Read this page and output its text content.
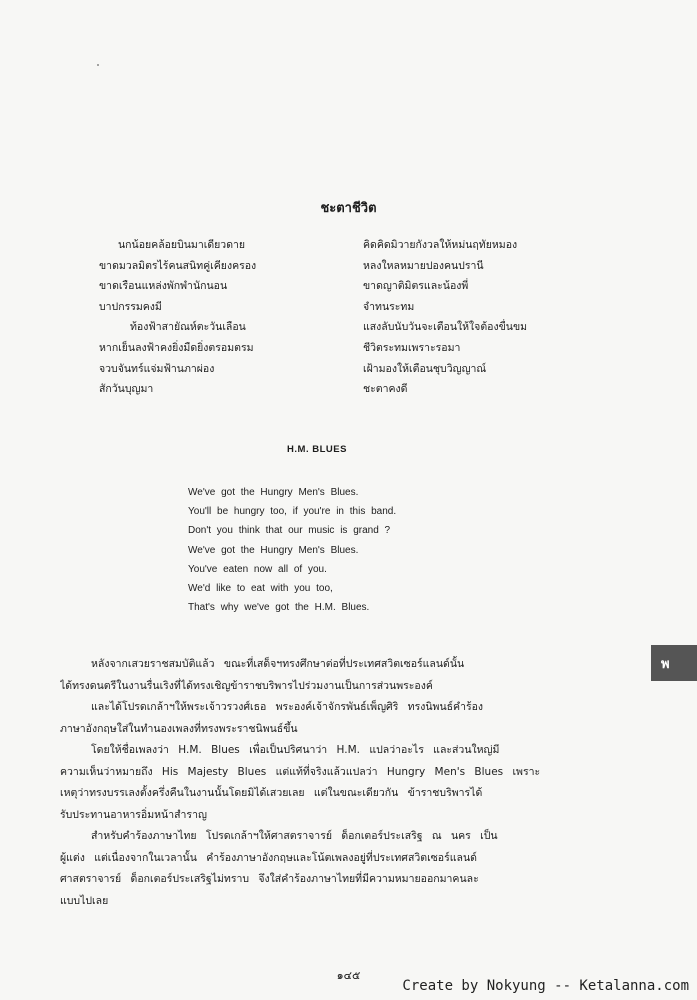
ชะตาชีวิต
นกน้อยคล้อยบินมาเดียวดาย
ขาดมวลมิตรไร้คนสนิทคู่เคียงครอง
ขาดเรือนแหล่งพักพำนักนอน
บาปกรรมคงมี
ท้องฟ้าสายัณห์ตะวันเลือน
หากเย็นลงฟ้าคงยิ่งมืดยิ่งตรอมตรม
จวบจันทร์แจ่มฟ้านภาผ่อง
สักวันบุญมา
คิดคิดมิวายกังวลให้หม่นฤทัยหมอง
หลงใหลหมายปองคนปรานี
ขาดญาติมิตรและน้องพี่
จำทนระทม
แสงลับนับวันจะเตือนให้ใจต้องขื่นขม
ชีวิตระทมเพราะรอมา
เฝ้ามองให้เตือนชุบวิญญาณ์
ชะตาคงดี
H.M. BLUES
We've got the Hungry Men's Blues.
You'll be hungry too, if you're in this band.
Don't you think that our music is grand ?
We've got the Hungry Men's Blues.
You've eaten now all of you.
We'd like to eat with you too,
That's why we've got the H.M. Blues.
พ
หลังจากเสวยราชสมบัติแล้ว ขณะที่เสด็จฯทรงศึกษาต่อที่ประเทศสวิตเซอร์แลนด์นั้น
ได้ทรงดนตรีในงานรื่นเริงที่ได้ทรงเชิญข้าราชบริพารไปร่วมงานเป็นการส่วนพระองค์
และได้โปรดเกล้าฯให้พระเจ้าวรวงศ์เธอ พระองค์เจ้าจักรพันธ์เพ็ญศิริ ทรงนิพนธ์คำร้อง
ภาษาอังกฤษใส่ในทำนองเพลงที่ทรงพระราชนิพนธ์ขึ้น
โดยให้ชื่อเพลงว่า H.M. Blues เพื่อเป็นปริศนาว่า H.M. แปลว่าอะไร และส่วนใหญ่มี
ความเห็นว่าหมายถึง His Majesty Blues แต่แท้ที่จริงแล้วแปลว่า Hungry Men's Blues เพราะ
เหตุว่าทรงบรรเลงตั้งครึ่งคืนในงานนั้นโดยมิได้เสวยเลย แต่ในขณะเดียวกัน ข้าราชบริพารได้
รับประทานอาหารอิ่มหน้าสำราญ
สำหรับคำร้องภาษาไทย โปรดเกล้าฯให้ศาสตราจารย์ ด็อกเตอร์ประเสริฐ ณ นคร เป็น
ผู้แต่ง แต่เนื่องจากในเวลานั้น คำร้องภาษาอังกฤษและโน้ตเพลงอยู่ที่ประเทศสวิตเซอร์แลนด์
ศาสตราจารย์ ด็อกเตอร์ประเสริฐไม่ทราบ จึงใส่คำร้องภาษาไทยที่มีความหมายออกมาคนละ
แบบไปเลย
๑๔๕
Create by Nokyung -- Ketalanna.com
